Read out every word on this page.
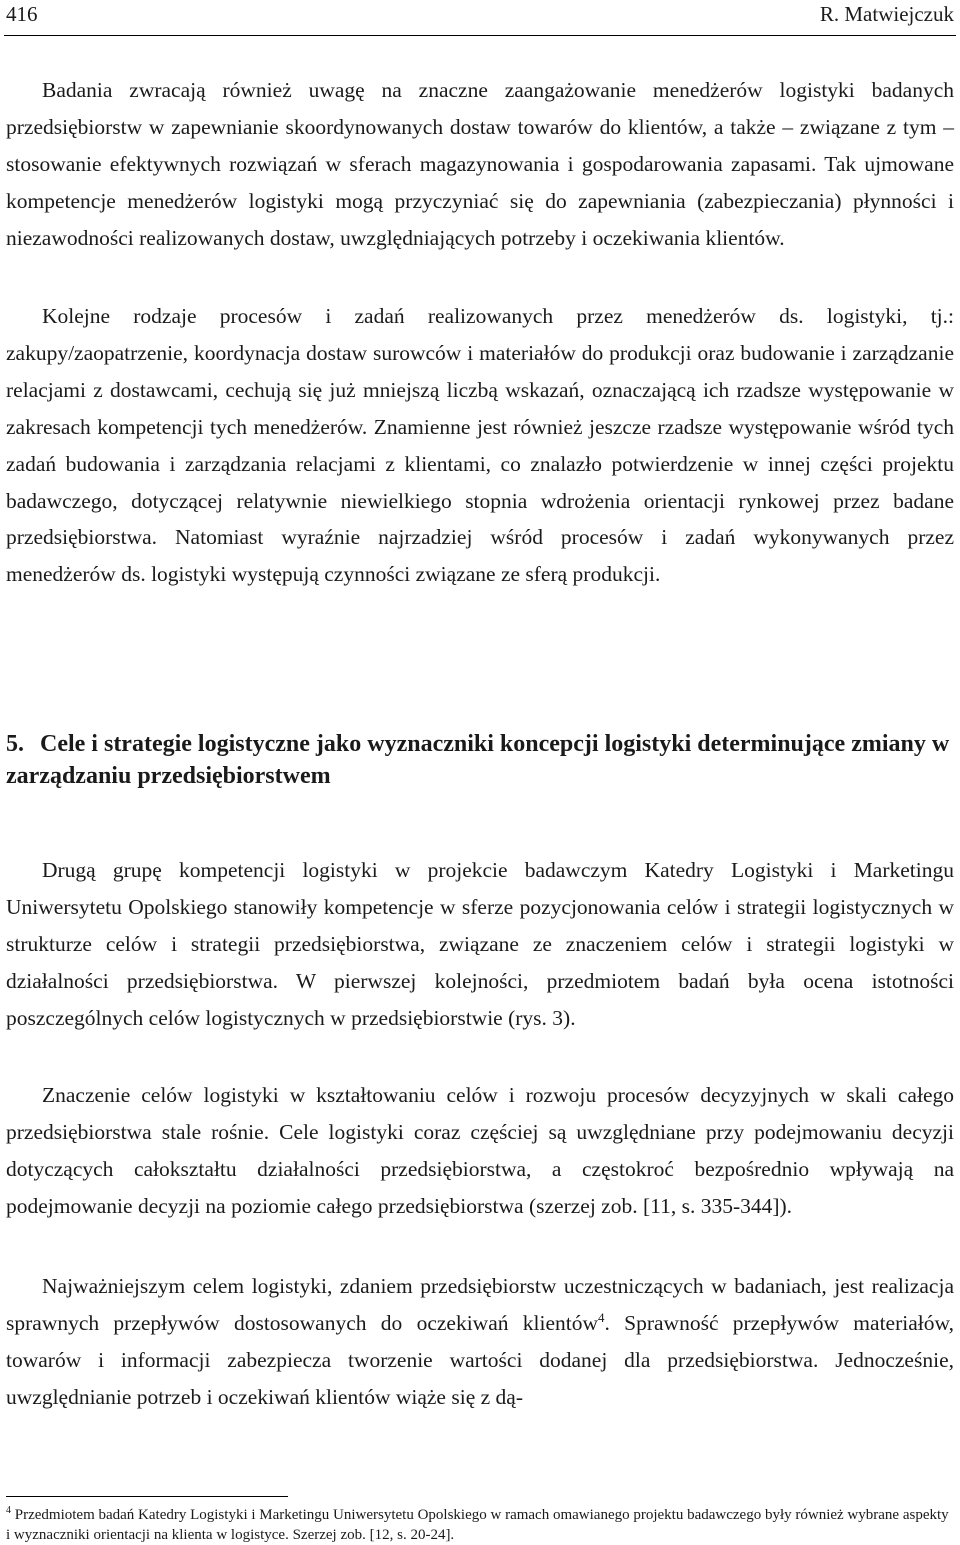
416	R. Matwiejczuk

Badania zwracają również uwagę na znaczne zaangażowanie menedżerów logistyki badanych przedsiębiorstw w zapewnianie skoordynowanych dostaw towarów do klientów, a także – związane z tym – stosowanie efektywnych rozwiązań w sferach magazynowania i gospodarowania zapasami. Tak ujmowane kompetencje menedżerów logistyki mogą przyczyniać się do zapewniania (zabezpieczania) płynności i niezawodności realizowanych dostaw, uwzględniających potrzeby i oczekiwania klientów.

Kolejne rodzaje procesów i zadań realizowanych przez menedżerów ds. logistyki, tj.: zakupy/zaopatrzenie, koordynacja dostaw surowców i materiałów do produkcji oraz budowanie i zarządzanie relacjami z dostawcami, cechują się już mniejszą liczbą wskazań, oznaczającą ich rzadsze występowanie w zakresach kompetencji tych menedżerów. Znamienne jest również jeszcze rzadsze występowanie wśród tych zadań budowania i zarządzania relacjami z klientami, co znalazło potwierdzenie w innej części projektu badawczego, dotyczącej relatywnie niewielkiego stopnia wdrożenia orientacji rynkowej przez badane przedsiębiorstwa. Natomiast wyraźnie najrzadziej wśród procesów i zadań wykonywanych przez menedżerów ds. logistyki występują czynności związane ze sferą produkcji.

5. Cele i strategie logistyczne jako wyznaczniki koncepcji logistyki determinujące zmiany w zarządzaniu przedsiębiorstwem

Drugą grupę kompetencji logistyki w projekcie badawczym Katedry Logistyki i Marketingu Uniwersytetu Opolskiego stanowiły kompetencje w sferze pozycjonowania celów i strategii logistycznych w strukturze celów i strategii przedsiębiorstwa, związane ze znaczeniem celów i strategii logistyki w działalności przedsiębiorstwa. W pierwszej kolejności, przedmiotem badań była ocena istotności poszczególnych celów logistycznych w przedsiębiorstwie (rys. 3).

Znaczenie celów logistyki w kształtowaniu celów i rozwoju procesów decyzyjnych w skali całego przedsiębiorstwa stale rośnie. Cele logistyki coraz częściej są uwzględniane przy podejmowaniu decyzji dotyczących całokształtu działalności przedsiębiorstwa, a częstokroć bezpośrednio wpływają na podejmowanie decyzji na poziomie całego przedsiębiorstwa (szerzej zob. [11, s. 335-344]).

Najważniejszym celem logistyki, zdaniem przedsiębiorstw uczestniczących w badaniach, jest realizacja sprawnych przepływów dostosowanych do oczekiwań klientów$^4$. Sprawność przepływów materiałów, towarów i informacji zabezpiecza tworzenie wartości dodanej dla przedsiębiorstwa. Jednocześnie, uwzględnianie potrzeb i oczekiwań klientów wiąże się z dą-

$^4$ Przedmiotem badań Katedry Logistyki i Marketingu Uniwersytetu Opolskiego w ramach omawianego projektu badawczego były również wybrane aspekty i wyznaczniki orientacji na klienta w logistyce. Szerzej zob. [12, s. 20-24].
